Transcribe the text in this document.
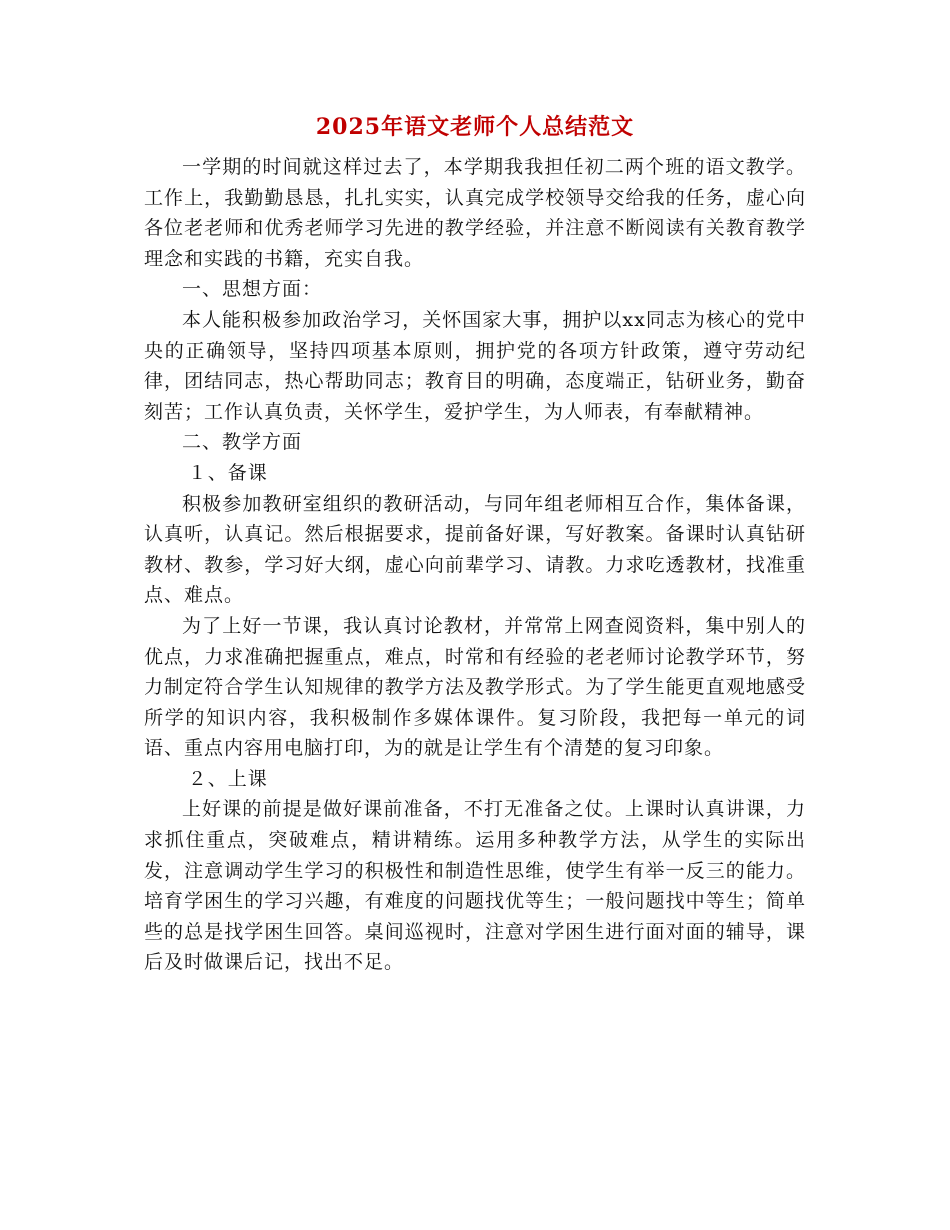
2025年语文老师个人总结范文

一学期的时间就这样过去了，本学期我我担任初二两个班的语文教学。工作上，我勤勤恳恳，扎扎实实，认真完成学校领导交给我的任务，虚心向各位老老师和优秀老师学习先进的教学经验，并注意不断阅读有关教育教学理念和实践的书籍，充实自我。

一、思想方面：

本人能积极参加政治学习，关怀国家大事，拥护以xx同志为核心的党中央的正确领导，坚持四项基本原则，拥护党的各项方针政策，遵守劳动纪律，团结同志，热心帮助同志；教育目的明确，态度端正，钻研业务，勤奋刻苦；工作认真负责，关怀学生，爱护学生，为人师表，有奉献精神。

二、教学方面

１、备课

积极参加教研室组织的教研活动，与同年组老师相互合作，集体备课，认真听，认真记。然后根据要求，提前备好课，写好教案。备课时认真钻研教材、教参，学习好大纲，虚心向前辈学习、请教。力求吃透教材，找准重点、难点。

为了上好一节课，我认真讨论教材，并常常上网查阅资料，集中别人的优点，力求准确把握重点，难点，时常和有经验的老老师讨论教学环节，努力制定符合学生认知规律的教学方法及教学形式。为了学生能更直观地感受所学的知识内容，我积极制作多媒体课件。复习阶段，我把每一单元的词语、重点内容用电脑打印，为的就是让学生有个清楚的复习印象。

２、上课

上好课的前提是做好课前准备，不打无准备之仗。上课时认真讲课，力求抓住重点，突破难点，精讲精练。运用多种教学方法，从学生的实际出发，注意调动学生学习的积极性和制造性思维，使学生有举一反三的能力。培育学困生的学习兴趣，有难度的问题找优等生；一般问题找中等生；简单些的总是找学困生回答。桌间巡视时，注意对学困生进行面对面的辅导，课后及时做课后记，找出不足。
